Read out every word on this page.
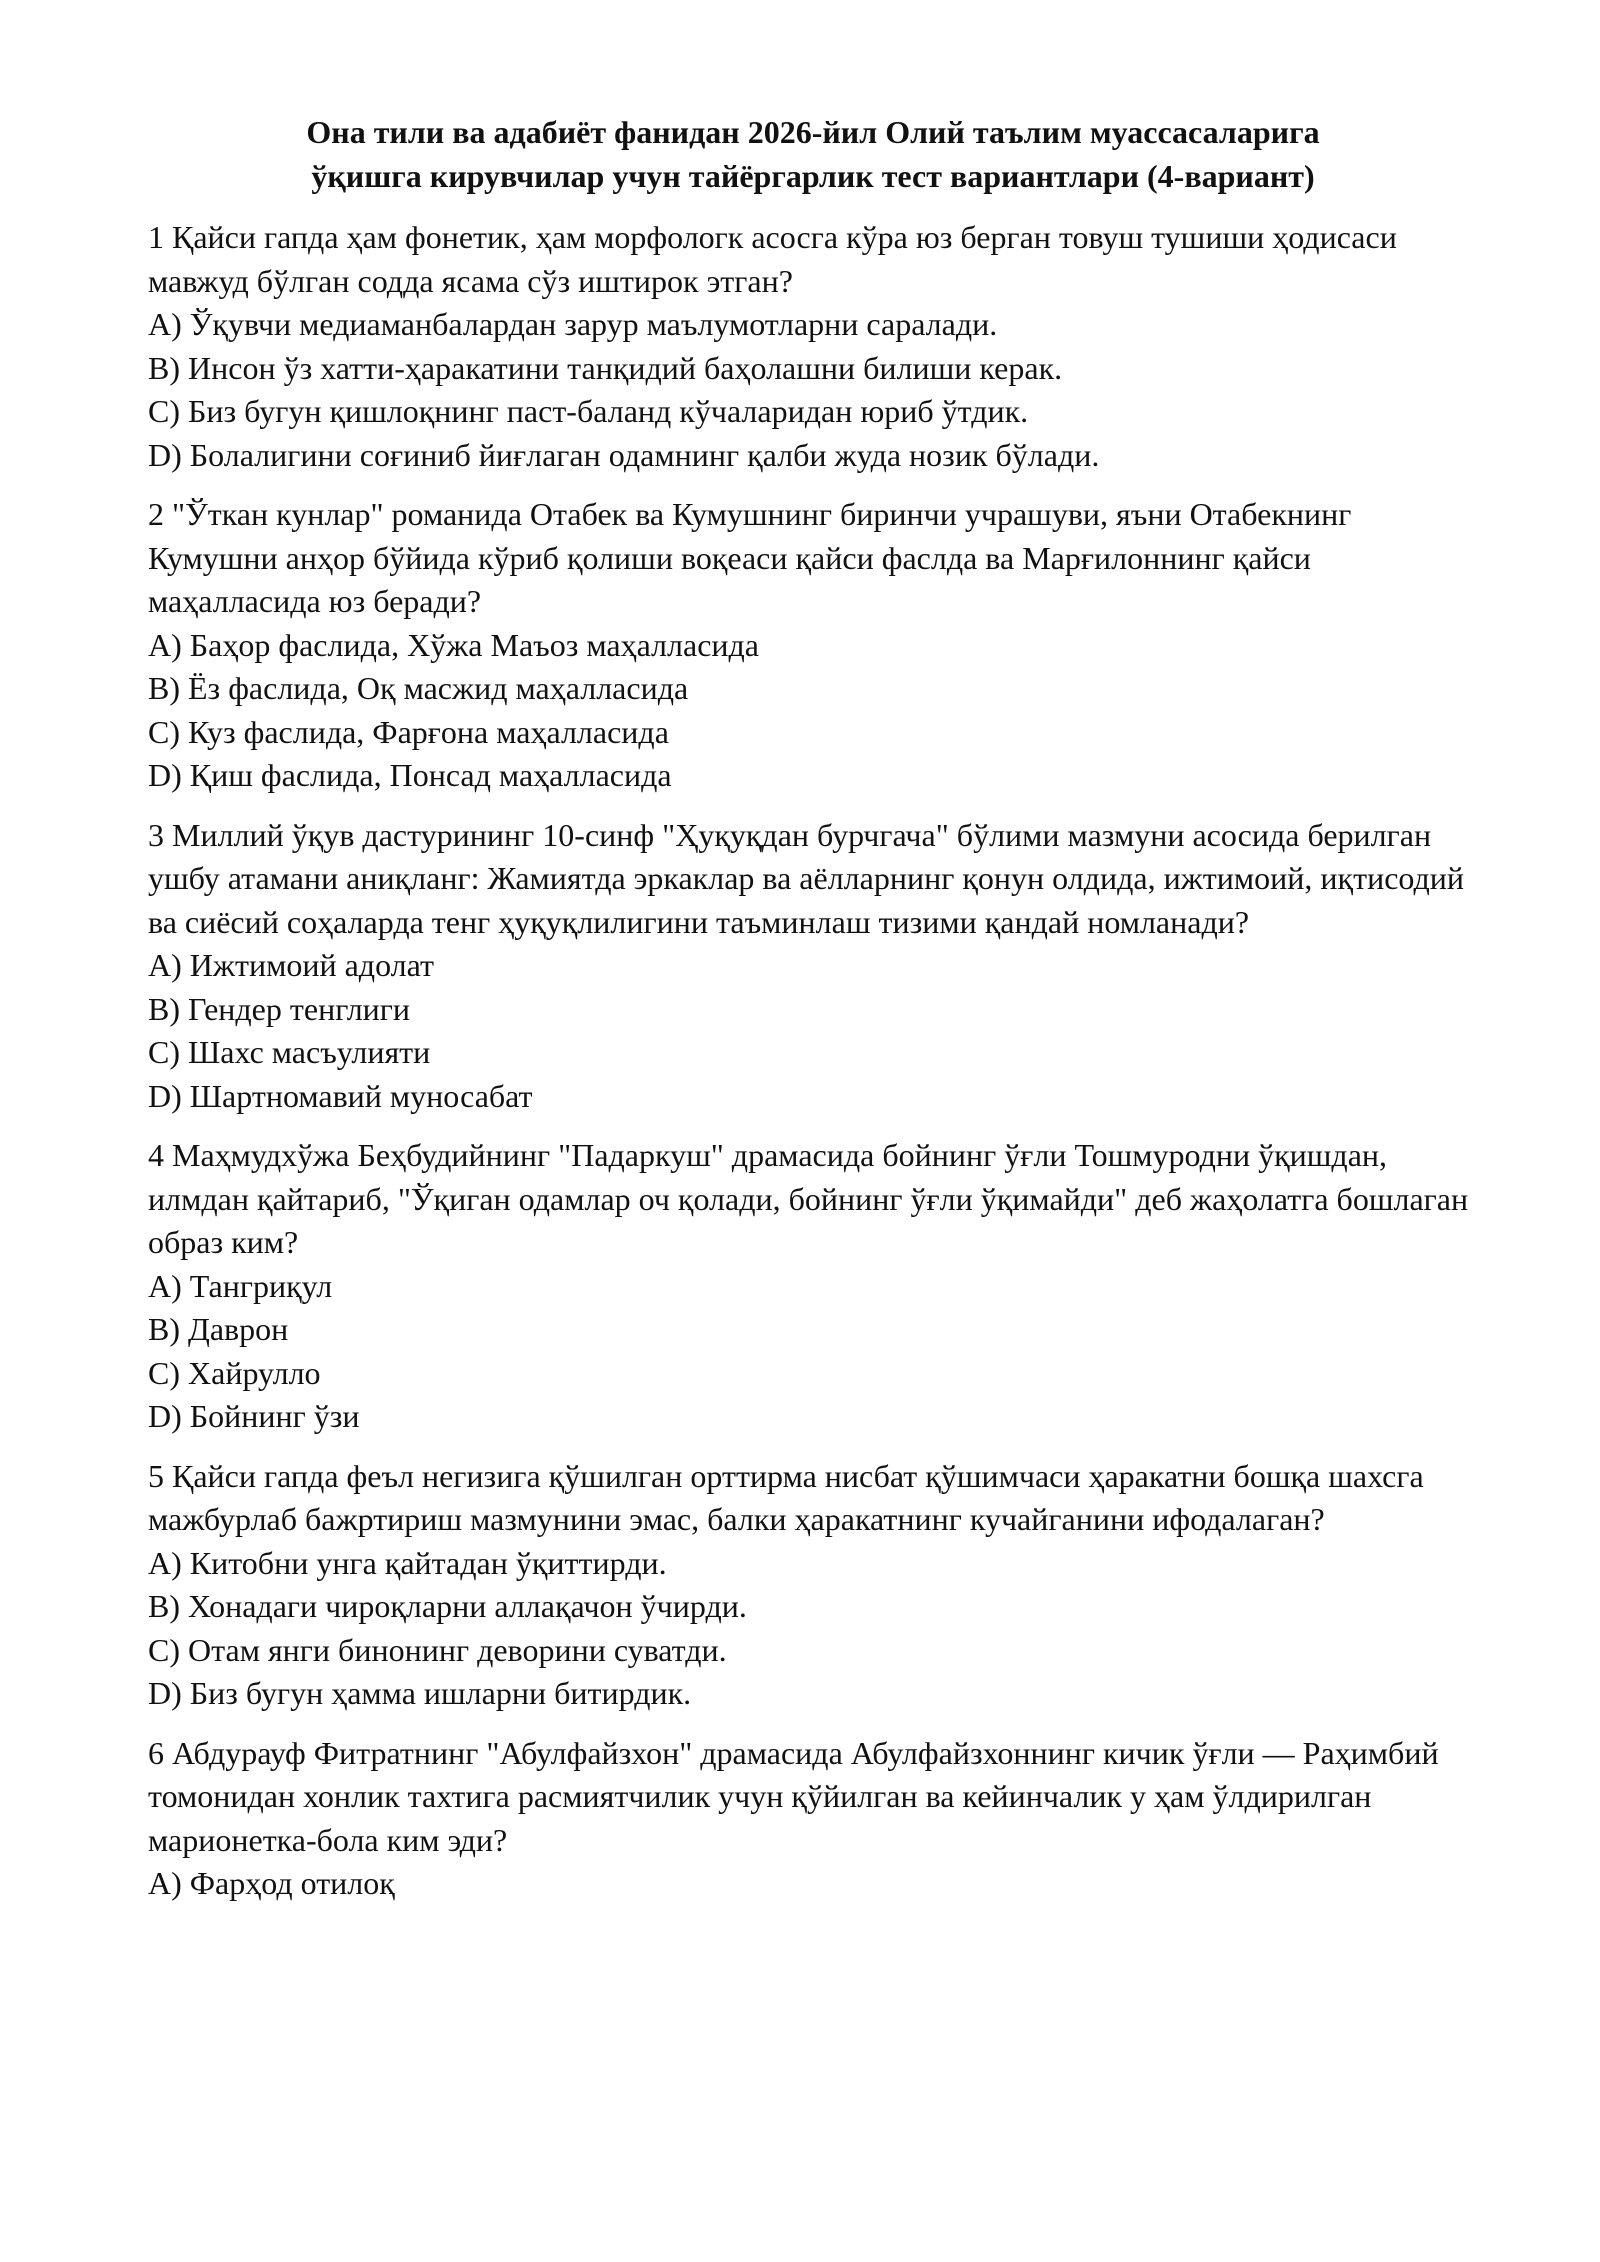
Она тили ва адабиёт фанидан 2026-йил Олий таълим муассасаларига
ўқишга кирувчилар учун тайёргарлик тест вариантлари (4-вариант)

1 Қайси гапда ҳам фонетик, ҳам морфологк асосга кўра юз берган товуш тушиши ҳодисаси мавжуд бўлган содда ясама сўз иштирок этган?

A) Ўқувчи медиаманбалардан зарур маълумотларни саралади.
B) Инсон ўз хатти-ҳаракатини танқидий баҳолашни билиши керак.
C) Биз бугун қишлоқнинг паст-баланд кўчаларидан юриб ўтдик.
D) Болалигини соғиниб йиғлаган одамнинг қалби жуда нозик бўлади.

2 "Ўткан кунлар" романида Отабек ва Кумушнинг биринчи учрашуви, яъни Отабекнинг Кумушни анҳор бўйида кўриб қолиши воқеаси қайси фаслда ва Марғилоннинг қайси маҳалласида юз беради?

A) Баҳор фаслида, Хўжа Маъоз маҳалласида
B) Ёз фаслида, Оқ масжид маҳалласида
C) Куз фаслида, Фарғона маҳалласида
D) Қиш фаслида, Понсад маҳалласида

3 Миллий ўқув дастурининг 10-синф "Ҳуқуқдан бурчгача" бўлими мазмуни асосида берилган ушбу атамани аниқланг: Жамиятда эркаклар ва аёлларнинг қонун олдида, ижтимоий, иқтисодий ва сиёсий соҳаларда тенг ҳуқуқлилигини таъминлаш тизими қандай номланади?

A) Ижтимоий адолат
B) Гендер тенглиги
C) Шахс масъулияти
D) Шартномавий муносабат

4 Маҳмудхўжа Беҳбудийнинг "Падаркуш" драмасида бойнинг ўғли Тошмуродни ўқишдан, илмдан қайтариб, "Ўқиган одамлар оч қолади, бойнинг ўғли ўқимайди" деб жаҳолатга бошлаган образ ким?

A) Тангриқул
B) Даврон
C) Хайрулло
D) Бойнинг ўзи

5 Қайси гапда феъл негизига қўшилган орттирма нисбат қўшимчаси ҳаракатни бошқа шахсга мажбурлаб бажртириш мазмунини эмас, балки ҳаракатнинг кучайганини ифодалаган?

A) Китобни унга қайтадан ўқиттирди.
B) Хонадаги чироқларни аллақачон ўчирди.
C) Отам янги бинонинг деворини суватди.
D) Биз бугун ҳамма ишларни битирдик.

6 Абдурауф Фитратнинг "Абулфайзхон" драмасида Абулфайзхоннинг кичик ўғли — Раҳимбий томонидан хонлик тахтига расмиятчилик учун қўйилган ва кейинчалик у ҳам ўлдирилган марионетка-бола ким эди?

A) Фарҳод отилоқ
